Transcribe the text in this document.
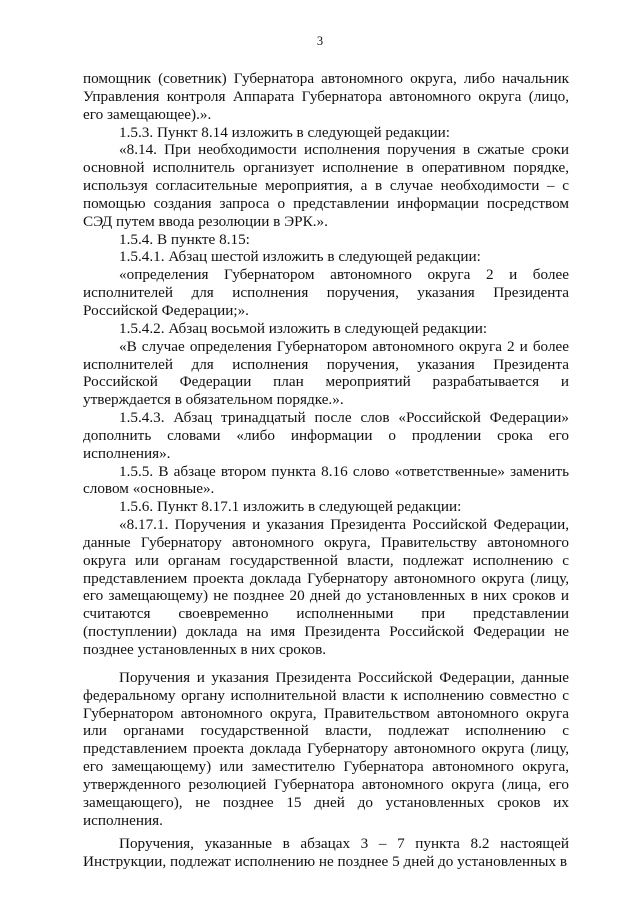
3

помощник (советник) Губернатора автономного округа, либо начальник Управления контроля Аппарата Губернатора автономного округа (лицо, его замещающее).».

1.5.3. Пункт 8.14 изложить в следующей редакции:

«8.14. При необходимости исполнения поручения в сжатые сроки основной исполнитель организует исполнение в оперативном порядке, используя согласительные мероприятия, а в случае необходимости – с помощью создания запроса о представлении информации посредством СЭД путем ввода резолюции в ЭРК.».

1.5.4. В пункте 8.15:

1.5.4.1. Абзац шестой изложить в следующей редакции:

«определения Губернатором автономного округа 2 и более исполнителей для исполнения поручения, указания Президента Российской Федерации;».

1.5.4.2. Абзац восьмой изложить в следующей редакции:

«В случае определения Губернатором автономного округа 2 и более исполнителей для исполнения поручения, указания Президента Российской Федерации план мероприятий разрабатывается и утверждается в обязательном порядке.».

1.5.4.3. Абзац тринадцатый после слов «Российской Федерации» дополнить словами «либо информации о продлении срока его исполнения».

1.5.5. В абзаце втором пункта 8.16 слово «ответственные» заменить словом «основные».

1.5.6. Пункт 8.17.1 изложить в следующей редакции:

«8.17.1. Поручения и указания Президента Российской Федерации, данные Губернатору автономного округа, Правительству автономного округа или органам государственной власти, подлежат исполнению с представлением проекта доклада Губернатору автономного округа (лицу, его замещающему) не позднее 20 дней до установленных в них сроков и считаются своевременно исполненными при представлении (поступлении) доклада на имя Президента Российской Федерации не позднее установленных в них сроков.

Поручения и указания Президента Российской Федерации, данные федеральному органу исполнительной власти к исполнению совместно с Губернатором автономного округа, Правительством автономного округа или органами государственной власти, подлежат исполнению с представлением проекта доклада Губернатору автономного округа (лицу, его замещающему) или заместителю Губернатора автономного округа, утвержденного резолюцией Губернатора автономного округа (лица, его замещающего), не позднее 15 дней до установленных сроков их исполнения.

Поручения, указанные в абзацах 3 – 7 пункта 8.2 настоящей Инструкции, подлежат исполнению не позднее 5 дней до установленных в
